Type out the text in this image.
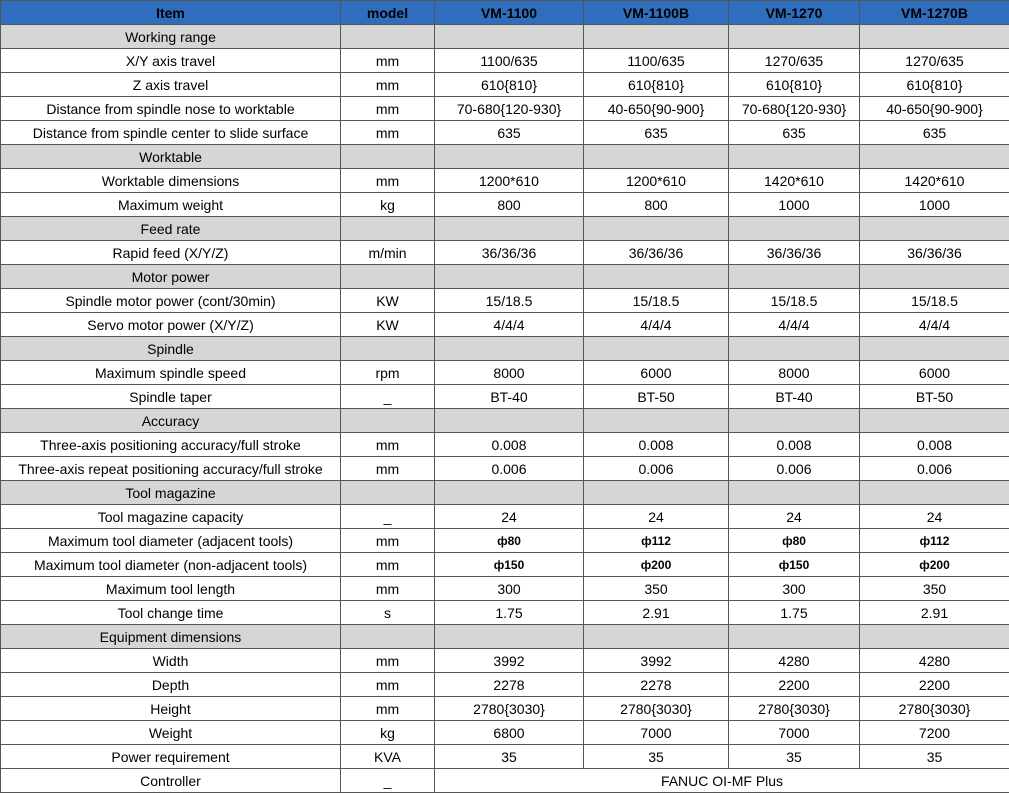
Item	model	VM-1100	VM-1100B	VM-1270	VM-1270B
Working range					
X/Y axis travel	mm	1100/635	1100/635	1270/635	1270/635
Z axis travel	mm	610{810}	610{810}	610{810}	610{810}
Distance from spindle nose to worktable	mm	70-680{120-930}	40-650{90-900}	70-680{120-930}	40-650{90-900}
Distance from spindle center to slide surface	mm	635	635	635	635
Worktable					
Worktable dimensions	mm	1200*610	1200*610	1420*610	1420*610
Maximum weight	kg	800	800	1000	1000
Feed rate					
Rapid feed (X/Y/Z)	m/min	36/36/36	36/36/36	36/36/36	36/36/36
Motor power					
Spindle motor power (cont/30min)	KW	15/18.5	15/18.5	15/18.5	15/18.5
Servo motor power (X/Y/Z)	KW	4/4/4	4/4/4	4/4/4	4/4/4
Spindle					
Maximum spindle speed	rpm	8000	6000	8000	6000
Spindle taper	_	BT-40	BT-50	BT-40	BT-50
Accuracy					
Three-axis positioning accuracy/full stroke	mm	0.008	0.008	0.008	0.008
Three-axis repeat positioning accuracy/full stroke	mm	0.006	0.006	0.006	0.006
Tool magazine					
Tool magazine capacity	_	24	24	24	24
Maximum tool diameter (adjacent tools)	mm	ф80	ф112	ф80	ф112
Maximum tool diameter (non-adjacent tools)	mm	ф150	ф200	ф150	ф200
Maximum tool length	mm	300	350	300	350
Tool change time	s	1.75	2.91	1.75	2.91
Equipment dimensions					
Width	mm	3992	3992	4280	4280
Depth	mm	2278	2278	2200	2200
Height	mm	2780{3030}	2780{3030}	2780{3030}	2780{3030}
Weight	kg	6800	7000	7000	7200
Power requirement	KVA	35	35	35	35
Controller	_	FANUC OI-MF Plus			
